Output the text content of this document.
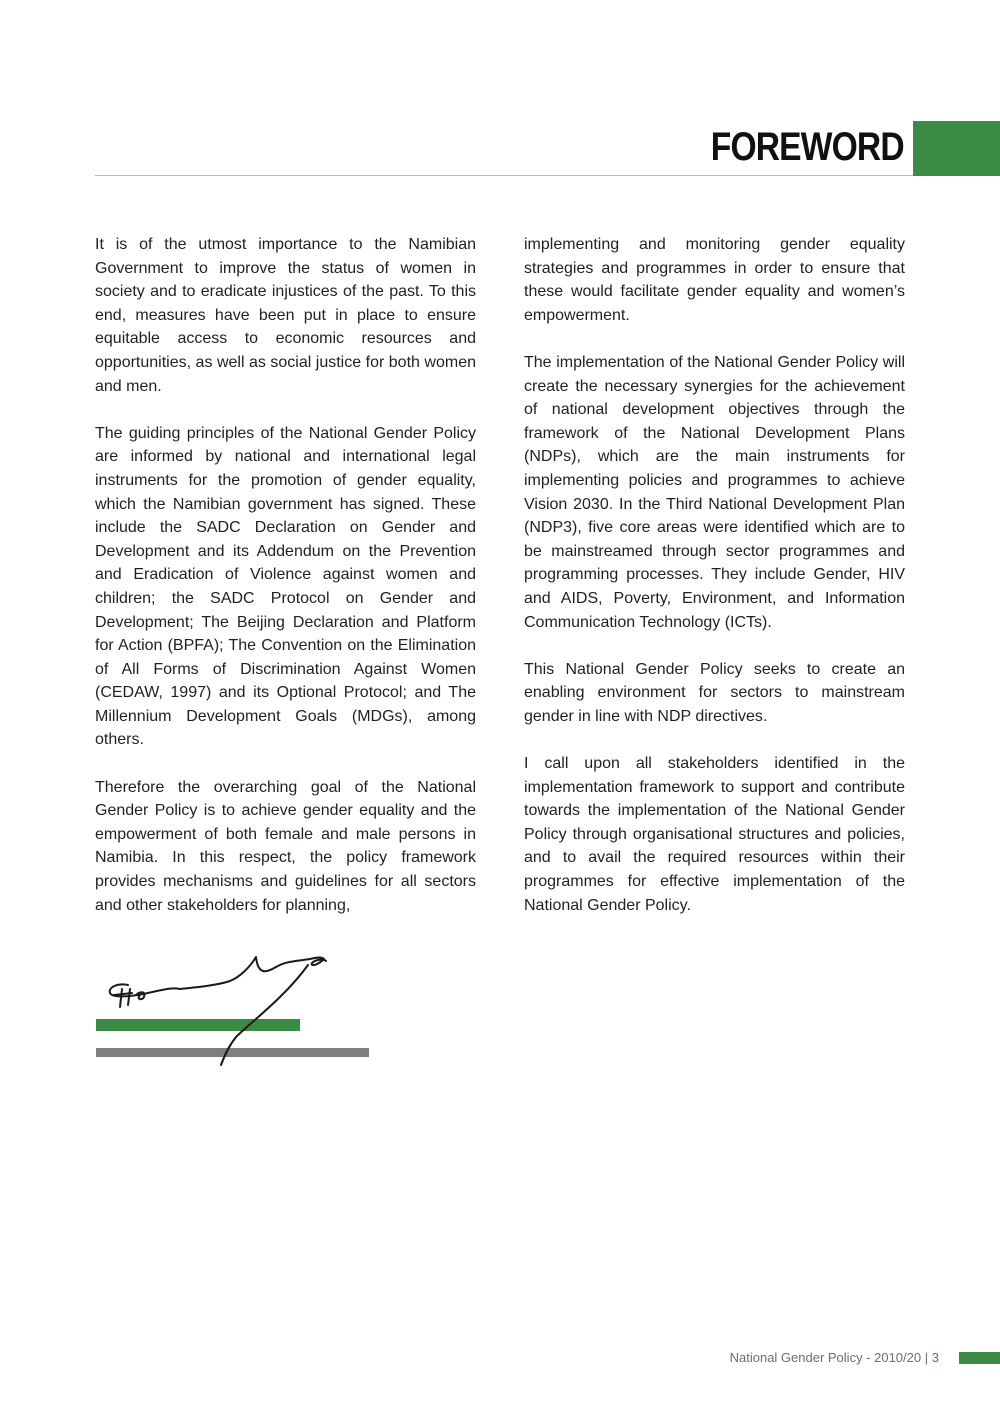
FOREWORD

It is of the utmost importance to the Namibian Government to improve the status of women in society and to eradicate injustices of the past. To this end, measures have been put in place to ensure equitable access to economic resources and opportunities, as well as social justice for both women and men.

The guiding principles of the National Gender Policy are informed by national and international legal instruments for the promotion of gender equality, which the Namibian government has signed. These include the SADC Declaration on Gender and Development and its Addendum on the Prevention and Eradication of Violence against women and children; the SADC Protocol on Gender and Development; The Beijing Declaration and Platform for Action (BPFA); The Convention on the Elimination of All Forms of Discrimination Against Women (CEDAW, 1997) and its Optional Protocol; and The Millennium Development Goals (MDGs), among others.

Therefore the overarching goal of the National Gender Policy is to achieve gender equality and the empowerment of both female and male persons in Namibia. In this respect, the policy framework provides mechanisms and guidelines for all sectors and other stakeholders for planning,

implementing and monitoring gender equality strategies and programmes in order to ensure that these would facilitate gender equality and women’s empowerment.

The implementation of the National Gender Policy will create the necessary synergies for the achievement of national development objectives through the framework of the National Development Plans (NDPs), which are the main instruments for implementing policies and programmes to achieve Vision 2030. In the Third National Development Plan (NDP3), five core areas were identified which are to be mainstreamed through sector programmes and programming processes. They include Gender, HIV and AIDS, Poverty, Environment, and Information Communication Technology (ICTs).

This National Gender Policy seeks to create an enabling environment for sectors to mainstream gender in line with NDP directives.

I call upon all stakeholders identified in the implementation framework to support and contribute towards the implementation of the National Gender Policy through organisational structures and policies, and to avail the required resources within their programmes for effective implementation of the National Gender Policy.

National Gender Policy - 2010/20 | 3
